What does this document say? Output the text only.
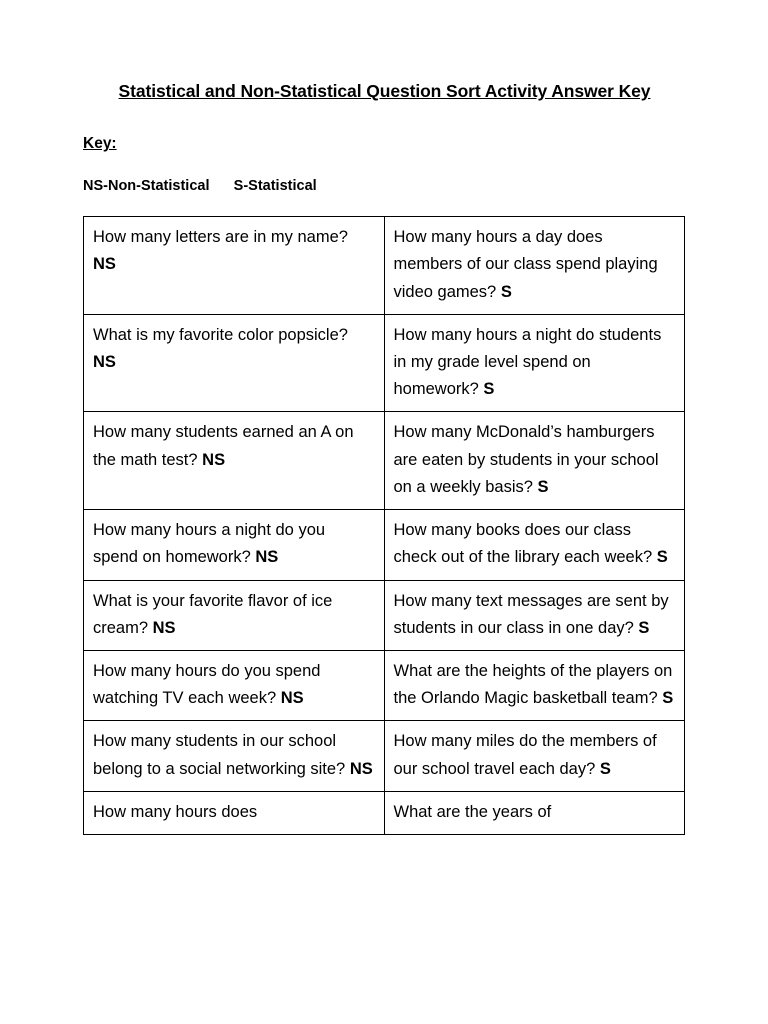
Statistical and Non-Statistical Question Sort Activity Answer Key
Key:
NS-Non-Statistical      S-Statistical
How many letters are in my name? NS	How many hours a day does members of our class spend playing video games? S
What is my favorite color popsicle? NS	How many hours a night do students in my grade level spend on homework? S
How many students earned an A on the math test? NS	How many McDonald’s hamburgers are eaten by students in your school on a weekly basis? S
How many hours a night do you spend on homework? NS	How many books does our class check out of the library each week? S
What is your favorite flavor of ice cream? NS	How many text messages are sent by students in our class in one day? S
How many hours do you spend watching TV each week? NS	What are the heights of the players on the Orlando Magic basketball team? S
How many students in our school belong to a social networking site? NS	How many miles do the members of our school travel each day? S
How many hours does	What are the years of
